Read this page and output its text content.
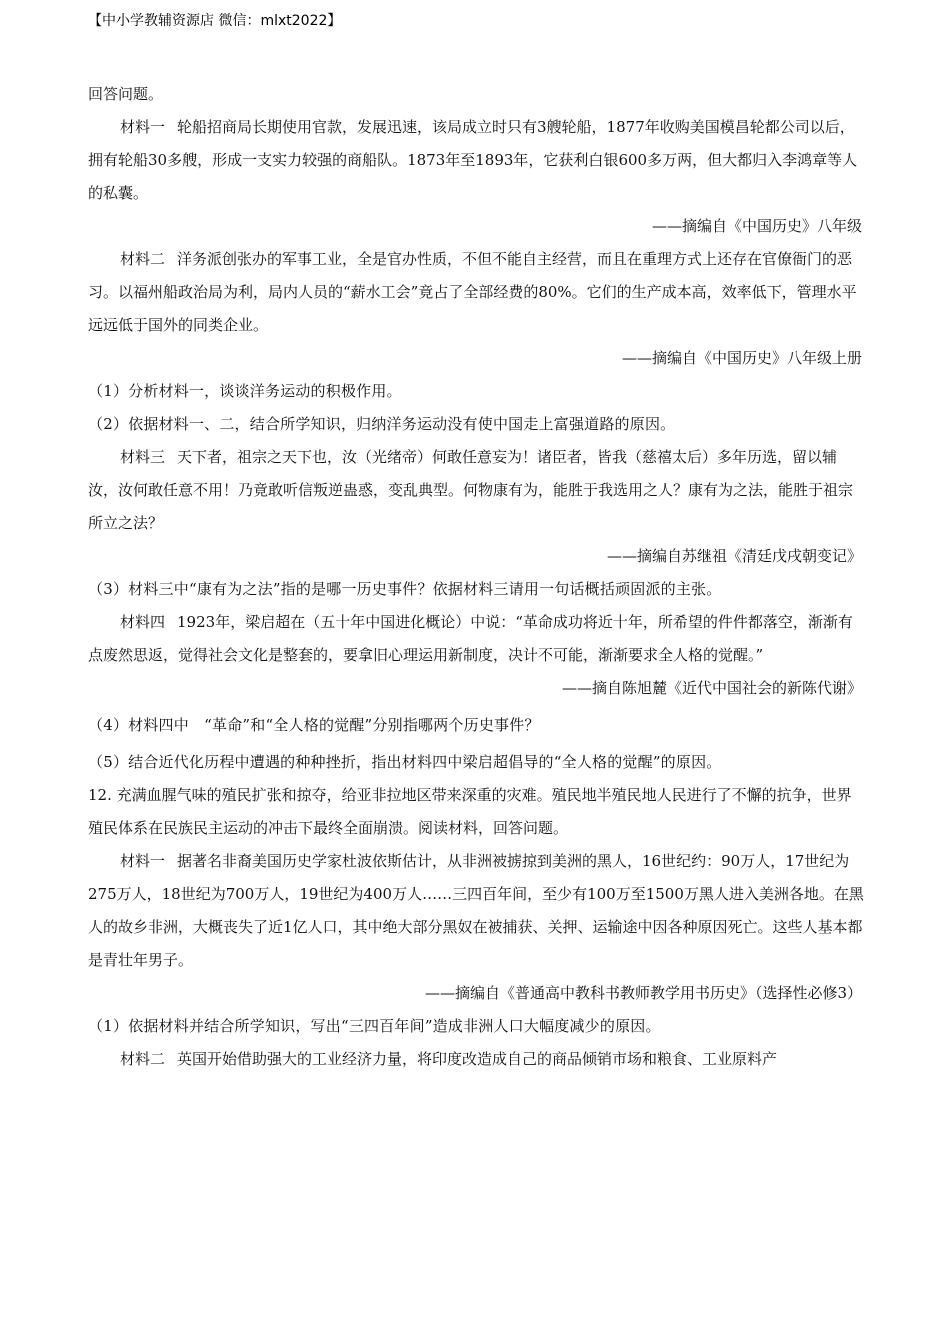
【中小学教辅资源店 微信：mlxt2022】

回答问题。

材料一 轮船招商局长期使用官款，发展迅速，该局成立时只有3艘轮船，1877年收购美国模昌轮都公司以后，拥有轮船30多艘，形成一支实力较强的商船队。1873年至1893年，它获利白银600多万两，但大都归入李鸿章等人的私囊。

——摘编自《中国历史》八年级

材料二 洋务派创张办的军事工业，全是官办性质，不但不能自主经营，而且在重理方式上还存在官僚衙门的恶习。以福州船政治局为利，局内人员的“薪水工会”竟占了全部经费的80%。它们的生产成本高，效率低下，管理水平远远低于国外的同类企业。

——摘编自《中国历史》八年级上册

（1）分析材料一，谈谈洋务运动的积极作用。

（2）依据材料一、二，结合所学知识，归纳洋务运动没有使中国走上富强道路的原因。

材料三 天下者，祖宗之天下也，汝（光绪帝）何敢任意妄为！诸臣者，皆我（慈禧太后）多年历选，留以辅汝，汝何敢任意不用！乃竟敢听信叛逆蛊惑，变乱典型。何物康有为，能胜于我选用之人？康有为之法，能胜于祖宗所立之法？

——摘编自苏继祖《清廷戊戌朝变记》

（3）材料三中“康有为之法”指的是哪一历史事件？依据材料三请用一句话概括顽固派的主张。

材料四 1923年，梁启超在（五十年中国进化概论）中说：“革命成功将近十年，所希望的件件都落空，渐渐有点废然思返，觉得社会文化是整套的，要拿旧心理运用新制度，决计不可能，渐渐要求全人格的觉醒。”

——摘自陈旭麓《近代中国社会的新陈代谢》

（4）材料四中　“革命”和“全人格的觉醒”分别指哪两个历史事件？

（5）结合近代化历程中遭遇的种种挫折，指出材料四中梁启超倡导的“全人格的觉醒”的原因。

12. 充满血腥气味的殖民扩张和掠夺，给亚非拉地区带来深重的灾难。殖民地半殖民地人民进行了不懈的抗争，世界殖民体系在民族民主运动的冲击下最终全面崩溃。阅读材料，回答问题。

材料一 据著名非裔美国历史学家杜波依斯估计，从非洲被掳掠到美洲的黑人，16世纪约：90万人，17世纪为275万人，18世纪为700万人，19世纪为400万人……三四百年间，至少有100万至1500万黑人进入美洲各地。在黑人的故乡非洲，大概丧失了近1亿人口，其中绝大部分黑奴在被捕获、关押、运输途中因各种原因死亡。这些人基本都是青壮年男子。

——摘编自《普通高中教科书教师教学用书历史》（选择性必修3）

（1）依据材料并结合所学知识，写出“三四百年间”造成非洲人口大幅度减少的原因。

材料二 英国开始借助强大的工业经济力量，将印度改造成自己的商品倾销市场和粮食、工业原料产
